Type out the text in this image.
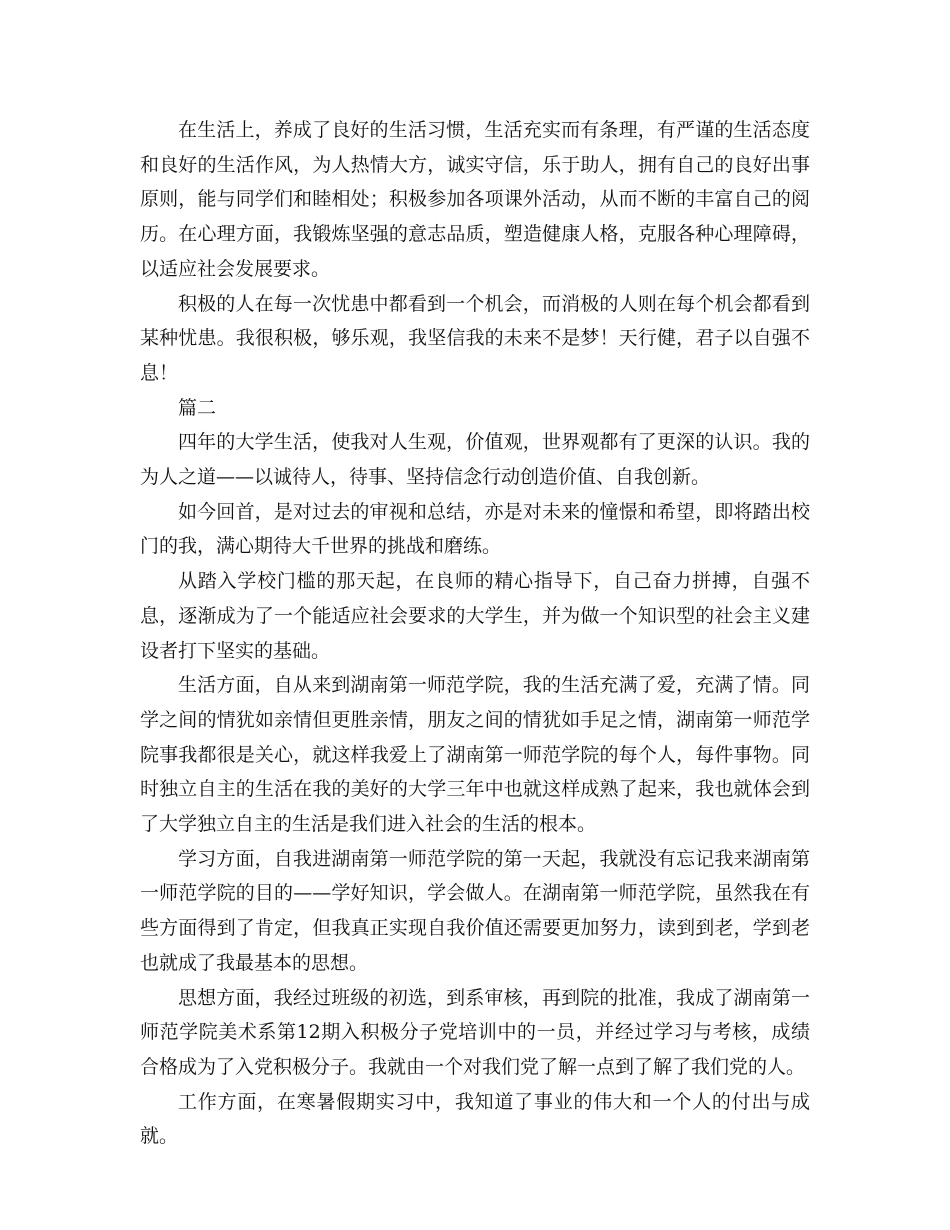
在生活上，养成了良好的生活习惯，生活充实而有条理，有严谨的生活态度和良好的生活作风，为人热情大方，诚实守信，乐于助人，拥有自己的良好出事原则，能与同学们和睦相处；积极参加各项课外活动，从而不断的丰富自己的阅历。在心理方面，我锻炼坚强的意志品质，塑造健康人格，克服各种心理障碍，以适应社会发展要求。

积极的人在每一次忧患中都看到一个机会，而消极的人则在每个机会都看到某种忧患。我很积极，够乐观，我坚信我的未来不是梦！天行健，君子以自强不息！

篇二

四年的大学生活，使我对人生观，价值观，世界观都有了更深的认识。我的为人之道——以诚待人，待事、坚持信念行动创造价值、自我创新。

如今回首，是对过去的审视和总结，亦是对未来的憧憬和希望，即将踏出校门的我，满心期待大千世界的挑战和磨练。

从踏入学校门槛的那天起，在良师的精心指导下，自己奋力拼搏，自强不息，逐渐成为了一个能适应社会要求的大学生，并为做一个知识型的社会主义建设者打下坚实的基础。

生活方面，自从来到湖南第一师范学院，我的生活充满了爱，充满了情。同学之间的情犹如亲情但更胜亲情，朋友之间的情犹如手足之情，湖南第一师范学院事我都很是关心，就这样我爱上了湖南第一师范学院的每个人，每件事物。同时独立自主的生活在我的美好的大学三年中也就这样成熟了起来，我也就体会到了大学独立自主的生活是我们进入社会的生活的根本。

学习方面，自我进湖南第一师范学院的第一天起，我就没有忘记我来湖南第一师范学院的目的——学好知识，学会做人。在湖南第一师范学院，虽然我在有些方面得到了肯定，但我真正实现自我价值还需要更加努力，读到到老，学到老也就成了我最基本的思想。

思想方面，我经过班级的初选，到系审核，再到院的批准，我成了湖南第一师范学院美术系第12期入积极分子党培训中的一员，并经过学习与考核，成绩合格成为了入党积极分子。我就由一个对我们党了解一点到了解了我们党的人。

工作方面，在寒暑假期实习中，我知道了事业的伟大和一个人的付出与成就。
